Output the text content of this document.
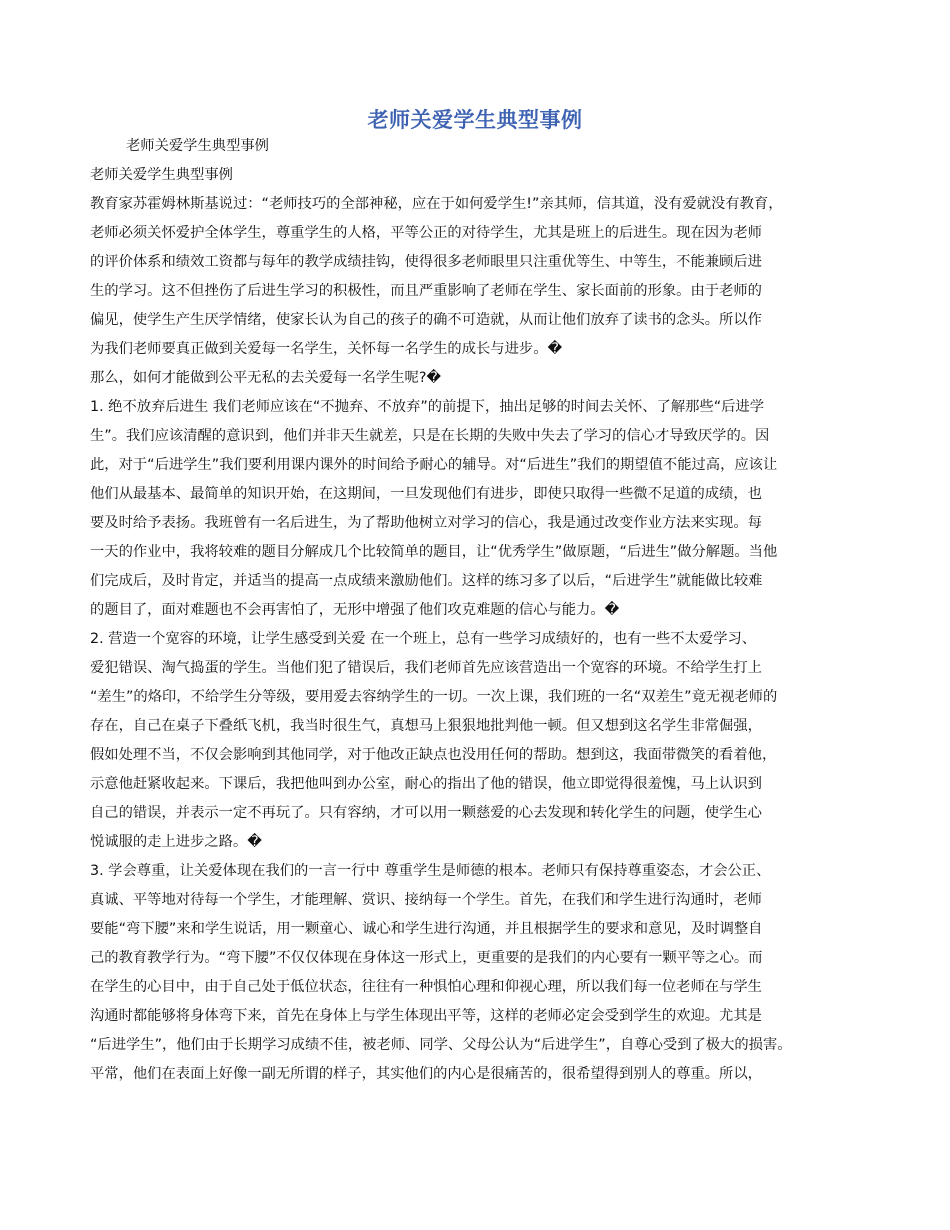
老师关爱学生典型事例
老师关爱学生典型事例
老师关爱学生典型事例
教育家苏霍姆林斯基说过：“老师技巧的全部神秘，应在于如何爱学生!”亲其师，信其道，没有爱就没有教育，
老师必须关怀爱护全体学生，尊重学生的人格，平等公正的对待学生，尤其是班上的后进生。现在因为老师
的评价体系和绩效工资都与每年的教学成绩挂钩，使得很多老师眼里只注重优等生、中等生，不能兼顾后进
生的学习。这不但挫伤了后进生学习的积极性，而且严重影响了老师在学生、家长面前的形象。由于老师的
偏见，使学生产生厌学情绪，使家长认为自己的孩子的确不可造就，从而让他们放弃了读书的念头。所以作
为我们老师要真正做到关爱每一名学生，关怀每一名学生的成长与进步。�
那么，如何才能做到公平无私的去关爱每一名学生呢?�
1. 绝不放弃后进生 我们老师应该在“不抛弃、不放弃”的前提下，抽出足够的时间去关怀、了解那些“后进学
生”。我们应该清醒的意识到，他们并非天生就差，只是在长期的失败中失去了学习的信心才导致厌学的。因
此，对于“后进学生”我们要利用课内课外的时间给予耐心的辅导。对“后进生”我们的期望值不能过高，应该让
他们从最基本、最简单的知识开始，在这期间，一旦发现他们有进步，即使只取得一些微不足道的成绩，也
要及时给予表扬。我班曾有一名后进生，为了帮助他树立对学习的信心，我是通过改变作业方法来实现。每
一天的作业中，我将较难的题目分解成几个比较简单的题目，让“优秀学生”做原题，“后进生”做分解题。当他
们完成后，及时肯定，并适当的提高一点成绩来激励他们。这样的练习多了以后，“后进学生”就能做比较难
的题目了，面对难题也不会再害怕了，无形中增强了他们攻克难题的信心与能力。�
2. 营造一个宽容的环境，让学生感受到关爱 在一个班上，总有一些学习成绩好的，也有一些不太爱学习、
爱犯错误、淘气捣蛋的学生。当他们犯了错误后，我们老师首先应该营造出一个宽容的环境。不给学生打上
“差生”的烙印，不给学生分等级，要用爱去容纳学生的一切。一次上课，我们班的一名“双差生”竟无视老师的
存在，自己在桌子下叠纸飞机，我当时很生气，真想马上狠狠地批判他一顿。但又想到这名学生非常倔强，
假如处理不当，不仅会影响到其他同学，对于他改正缺点也没用任何的帮助。想到这，我面带微笑的看着他，
示意他赶紧收起来。下课后，我把他叫到办公室，耐心的指出了他的错误，他立即觉得很羞愧，马上认识到
自己的错误，并表示一定不再玩了。只有容纳，才可以用一颗慈爱的心去发现和转化学生的问题，使学生心
悦诚服的走上进步之路。�
3. 学会尊重，让关爱体现在我们的一言一行中 尊重学生是师德的根本。老师只有保持尊重姿态，才会公正、
真诚、平等地对待每一个学生，才能理解、赏识、接纳每一个学生。首先，在我们和学生进行沟通时，老师
要能“弯下腰”来和学生说话，用一颗童心、诚心和学生进行沟通，并且根据学生的要求和意见，及时调整自
己的教育教学行为。“弯下腰”不仅仅体现在身体这一形式上，更重要的是我们的内心要有一颗平等之心。而
在学生的心目中，由于自己处于低位状态，往往有一种惧怕心理和仰视心理，所以我们每一位老师在与学生
沟通时都能够将身体弯下来，首先在身体上与学生体现出平等，这样的老师必定会受到学生的欢迎。尤其是
“后进学生”，他们由于长期学习成绩不佳，被老师、同学、父母公认为“后进学生”，自尊心受到了极大的损害。
平常，他们在表面上好像一副无所谓的样子，其实他们的内心是很痛苦的，很希望得到别人的尊重。所以，
